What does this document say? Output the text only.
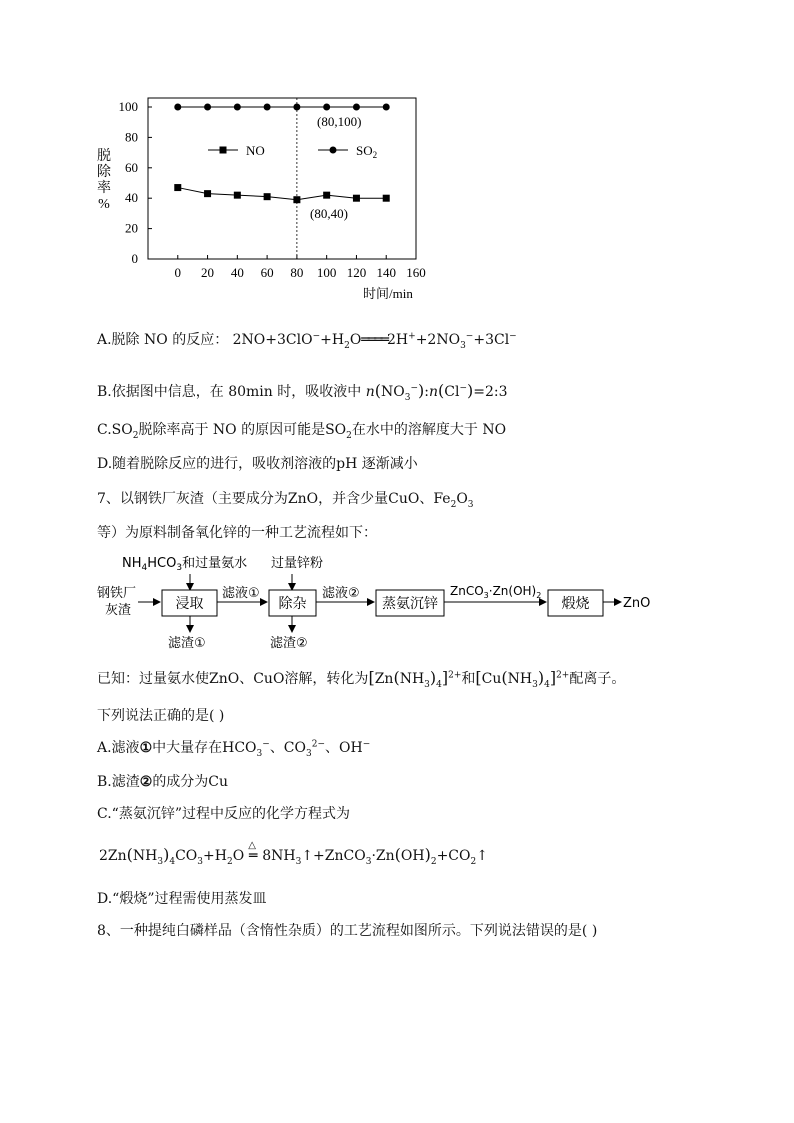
0
20
40
60
80
100
0 20 40 60 80 100 120 140 160
脱
除
率
%
时间/min
NO	$SO_2$
(80,100)
(80,40)
A.脱除 NO 的反应： $2NO+3ClO^-+H_2O════2H^++2NO_3^-+3Cl^-$
B.依据图中信息，在 80min 时，吸收液中 $n(NO_3^-):n(Cl^-)=2:3$
$C.SO_2$脱除率高于 NO 的原因可能是$SO_2$在水中的溶解度大于 NO
D.随着脱除反应的进行，吸收剂溶液的pH 逐渐减小
7、以钢铁厂灰渣（主要成分为ZnO，并含少量CuO、$Fe_2O_3$
等）为原料制备氧化锌的一种工艺流程如下：
$NH_4HCO_3$和过量氨水 过量锌粉
钢铁厂
灰渣	浸取
滤液①
除杂
滤液②
蒸氨沉锌
$ZnCO_3\cdot Zn(OH)_2$
煅烧	ZnO
滤渣①	滤渣②
已知：过量氨水使ZnO、CuO溶解，转化为$[Zn(NH_3)_4]^{2+}$和$[Cu(NH_3)_4]^{2+}$配离子。
下列说法正确的是( )
A.滤液①中大量存在$HCO_3^-$、$CO_3^{2-}$、OH−
B.滤渣②的成分为Cu
C.“蒸氨沉锌”过程中反应的化学方程式为
$2Zn(NH_3)_4CO_3+H_2O$
△
═ $8NH_3↑+ZnCO_3\cdot Zn(OH)_2+CO_2↑$
D.“煅烧”过程需使用蒸发皿
8、一种提纯白磷样品（含惰性杂质）的工艺流程如图所示。下列说法错误的是( )
